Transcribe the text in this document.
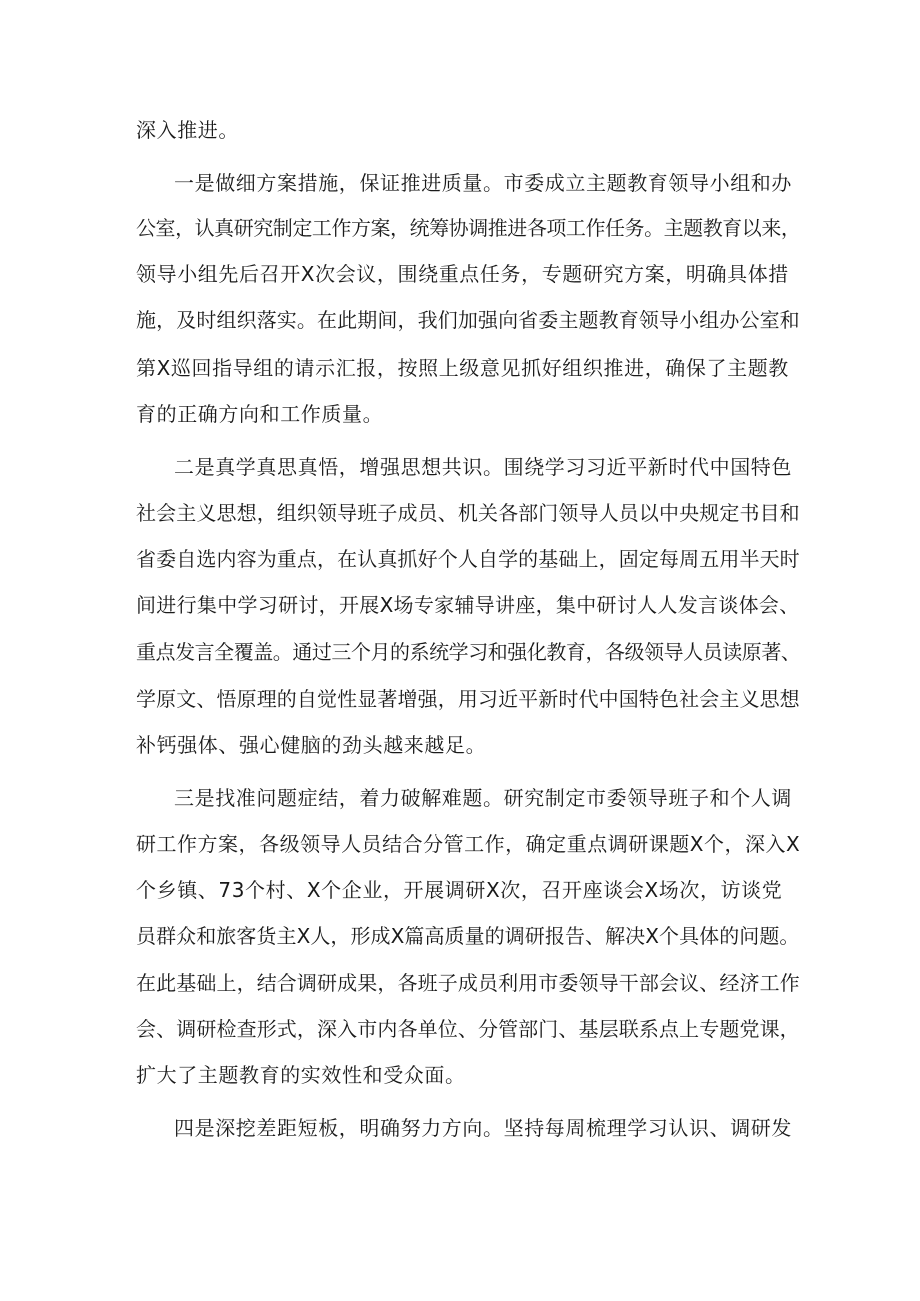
深入推进。
一是做细方案措施，保证推进质量。市委成立主题教育领导小组和办
公室，认真研究制定工作方案，统筹协调推进各项工作任务。主题教育以来，
领导小组先后召开X次会议，围绕重点任务，专题研究方案，明确具体措
施，及时组织落实。在此期间，我们加强向省委主题教育领导小组办公室和
第X巡回指导组的请示汇报，按照上级意见抓好组织推进，确保了主题教
育的正确方向和工作质量。
二是真学真思真悟，增强思想共识。围绕学习习近平新时代中国特色
社会主义思想，组织领导班子成员、机关各部门领导人员以中央规定书目和
省委自选内容为重点，在认真抓好个人自学的基础上，固定每周五用半天时
间进行集中学习研讨，开展X场专家辅导讲座，集中研讨人人发言谈体会、
重点发言全覆盖。通过三个月的系统学习和强化教育，各级领导人员读原著、
学原文、悟原理的自觉性显著增强，用习近平新时代中国特色社会主义思想
补钙强体、强心健脑的劲头越来越足。
三是找准问题症结，着力破解难题。研究制定市委领导班子和个人调
研工作方案，各级领导人员结合分管工作，确定重点调研课题X个，深入X
个乡镇、73个村、X个企业，开展调研X次，召开座谈会X场次，访谈党
员群众和旅客货主X人，形成X篇高质量的调研报告、解决X个具体的问题。
在此基础上，结合调研成果，各班子成员利用市委领导干部会议、经济工作
会、调研检查形式，深入市内各单位、分管部门、基层联系点上专题党课，
扩大了主题教育的实效性和受众面。
四是深挖差距短板，明确努力方向。坚持每周梳理学习认识、调研发
